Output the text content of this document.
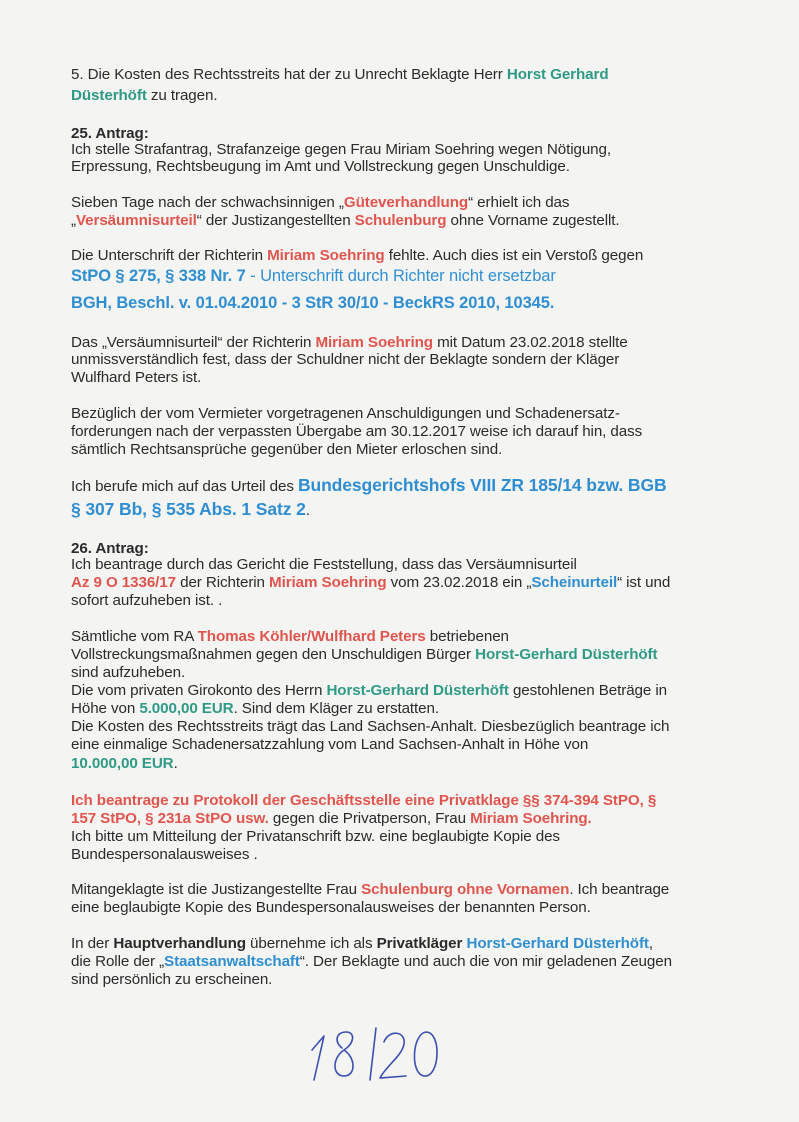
5. Die Kosten des Rechtsstreits hat der zu Unrecht Beklagte Herr Horst Gerhard
Düsterhöft zu tragen.
25. Antrag:
Ich stelle Strafantrag, Strafanzeige gegen Frau Miriam Soehring wegen Nötigung,
Erpressung, Rechtsbeugung im Amt und Vollstreckung gegen Unschuldige.
Sieben Tage nach der schwachsinnigen „Güteverhandlung“ erhielt ich das
„Versäumnisurteil“ der Justizangestellten Schulenburg ohne Vorname zugestellt.
Die Unterschrift der Richterin Miriam Soehring fehlte. Auch dies ist ein Verstoß gegen
StPO § 275, § 338 Nr. 7 - Unterschrift durch Richter nicht ersetzbar
BGH, Beschl. v. 01.04.2010 - 3 StR 30/10 - BeckRS 2010, 10345.
Das „Versäumnisurteil“ der Richterin Miriam Soehring mit Datum 23.02.2018 stellte
unmissverständlich fest, dass der Schuldner nicht der Beklagte sondern der Kläger
Wulfhard Peters ist.
Bezüglich der vom Vermieter vorgetragenen Anschuldigungen und Schadenersatz-
forderungen nach der verpassten Übergabe am 30.12.2017 weise ich darauf hin, dass
sämtlich Rechtsansprüche gegenüber den Mieter erloschen sind.
Ich berufe mich auf das Urteil des Bundesgerichtshofs VIII ZR 185/14 bzw. BGB
§ 307 Bb, § 535 Abs. 1 Satz 2.
26. Antrag:
Ich beantrage durch das Gericht die Feststellung, dass das Versäumnisurteil
Az 9 O 1336/17 der Richterin Miriam Soehring vom 23.02.2018 ein „Scheinurteil“ ist und
sofort aufzuheben ist. .
Sämtliche vom RA Thomas Köhler/Wulfhard Peters betriebenen
Vollstreckungsmaßnahmen gegen den Unschuldigen Bürger Horst-Gerhard Düsterhöft
sind aufzuheben.
Die vom privaten Girokonto des Herrn Horst-Gerhard Düsterhöft gestohlenen Beträge in
Höhe von 5.000,00 EUR. Sind dem Kläger zu erstatten.
Die Kosten des Rechtsstreits trägt das Land Sachsen-Anhalt. Diesbezüglich beantrage ich
eine einmalige Schadenersatzzahlung vom Land Sachsen-Anhalt in Höhe von
10.000,00 EUR.
Ich beantrage zu Protokoll der Geschäftsstelle eine Privatklage §§ 374-394 StPO, §
157 StPO, § 231a StPO usw. gegen die Privatperson, Frau Miriam Soehring.
Ich bitte um Mitteilung der Privatanschrift bzw. eine beglaubigte Kopie des
Bundespersonalausweises .
Mitangeklagte ist die Justizangestellte Frau Schulenburg ohne Vornamen. Ich beantrage
eine beglaubigte Kopie des Bundespersonalausweises der benannten Person.
In der Hauptverhandlung übernehme ich als Privatkläger Horst-Gerhard Düsterhöft,
die Rolle der „Staatsanwaltschaft“. Der Beklagte und auch die von mir geladenen Zeugen
sind persönlich zu erscheinen.
